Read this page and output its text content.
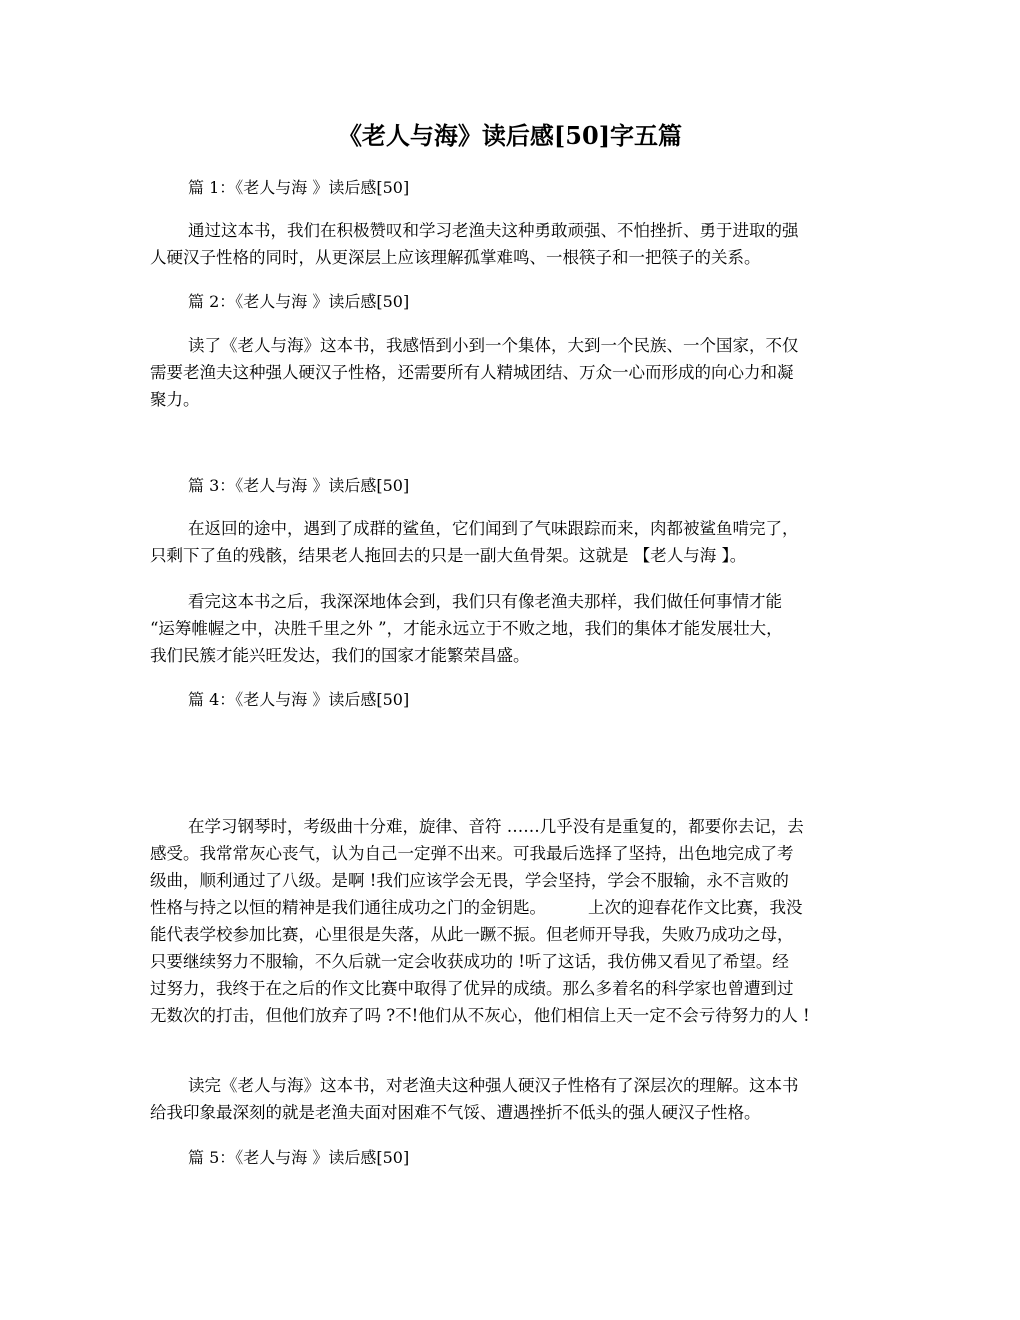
《老人与海》读后感[50]字五篇

篇 1：《老人与海 》读后感[50]

通过这本书，我们在积极赞叹和学习老渔夫这种勇敢顽强、不怕挫折、勇于进取的强
人硬汉子性格的同时，从更深层上应该理解孤掌难鸣、一根筷子和一把筷子的关系。

篇 2：《老人与海 》读后感[50]

读了《老人与海》这本书，我感悟到小到一个集体，大到一个民族、一个国家，不仅
需要老渔夫这种强人硬汉子性格，还需要所有人精城团结、万众一心而形成的向心力和凝
聚力。

篇 3：《老人与海 》读后感[50]

在返回的途中，遇到了成群的鲨鱼，它们闻到了气味跟踪而来，肉都被鲨鱼啃完了，
只剩下了鱼的残骸，结果老人拖回去的只是一副大鱼骨架。这就是 【老人与海 】。
看完这本书之后，我深深地体会到，我们只有像老渔夫那样，我们做任何事情才能
“运筹帷幄之中，决胜千里之外 ”，才能永远立于不败之地，我们的集体才能发展壮大，
我们民簇才能兴旺发达，我们的国家才能繁荣昌盛。

篇 4：《老人与海 》读后感[50]

在学习钢琴时，考级曲十分难，旋律、音符 ……几乎没有是重复的，都要你去记，去
感受。我常常灰心丧气，认为自己一定弹不出来。可我最后选择了坚持，出色地完成了考
级曲，顺利通过了八级。是啊 !我们应该学会无畏，学会坚持，学会不服输，永不言败的
性格与持之以恒的精神是我们通往成功之门的金钥匙。        上次的迎春花作文比赛，我没
能代表学校参加比赛，心里很是失落，从此一蹶不振。但老师开导我，失败乃成功之母，
只要继续努力不服输，不久后就一定会收获成功的 !听了这话，我仿佛又看见了希望。经
过努力，我终于在之后的作文比赛中取得了优异的成绩。那么多着名的科学家也曾遭到过
无数次的打击，但他们放弃了吗 ?不!他们从不灰心，他们相信上天一定不会亏待努力的人 !
读完《老人与海》这本书，对老渔夫这种强人硬汉子性格有了深层次的理解。这本书
给我印象最深刻的就是老渔夫面对困难不气馁、遭遇挫折不低头的强人硬汉子性格。

篇 5：《老人与海 》读后感[50]
